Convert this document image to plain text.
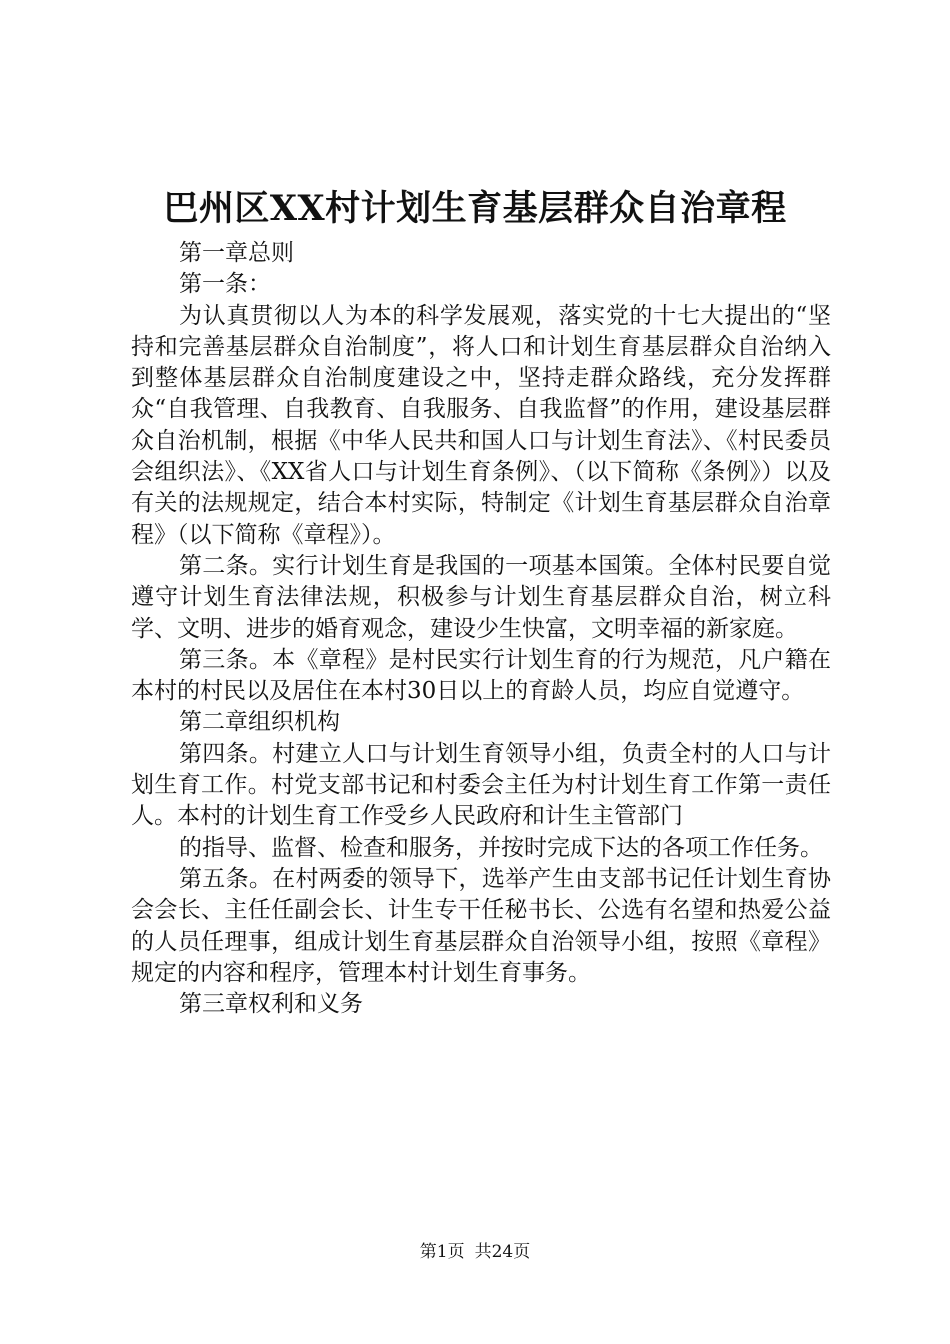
巴州区XX村计划生育基层群众自治章程

第一章总则

第一条：

为认真贯彻以人为本的科学发展观，落实党的十七大提出的“坚持和完善基层群众自治制度”，将人口和计划生育基层群众自治纳入到整体基层群众自治制度建设之中，坚持走群众路线，充分发挥群众“自我管理、自我教育、自我服务、自我监督”的作用，建设基层群众自治机制，根据《中华人民共和国人口与计划生育法》、《村民委员会组织法》、《XX省人口与计划生育条例》、（以下简称《条例》）以及有关的法规规定，结合本村实际，特制定《计划生育基层群众自治章程》（以下简称《章程》）。

第二条。实行计划生育是我国的一项基本国策。全体村民要自觉遵守计划生育法律法规，积极参与计划生育基层群众自治，树立科学、文明、进步的婚育观念，建设少生快富，文明幸福的新家庭。

第三条。本《章程》是村民实行计划生育的行为规范，凡户籍在本村的村民以及居住在本村30日以上的育龄人员，均应自觉遵守。

第二章组织机构

第四条。村建立人口与计划生育领导小组，负责全村的人口与计划生育工作。村党支部书记和村委会主任为村计划生育工作第一责任人。本村的计划生育工作受乡人民政府和计生主管部门

的指导、监督、检查和服务，并按时完成下达的各项工作任务。

第五条。在村两委的领导下，选举产生由支部书记任计划生育协会会长、主任任副会长、计生专干任秘书长、公选有名望和热爱公益的人员任理事，组成计划生育基层群众自治领导小组，按照《章程》规定的内容和程序，管理本村计划生育事务。

第三章权利和义务

第1页 共24页
